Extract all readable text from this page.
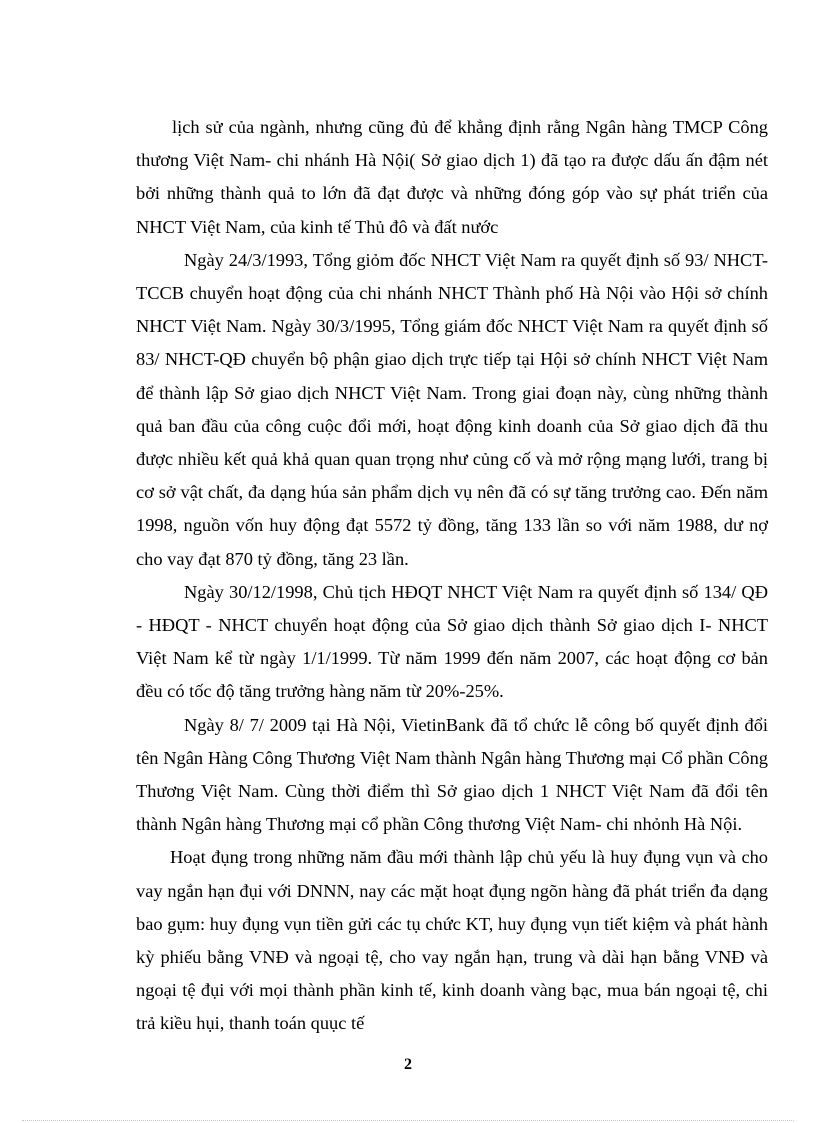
lịch sử của ngành, nhưng cũng đủ để khẳng định rằng Ngân hàng TMCP Công thương Việt Nam- chi nhánh Hà Nội( Sở giao dịch 1) đã tạo ra được dấu ấn đậm nét bởi những thành quả to lớn đã đạt được và những đóng góp vào sự phát triển của NHCT Việt Nam, của kinh tế Thủ đô và đất nước

Ngày 24/3/1993, Tổng giỏm đốc NHCT Việt Nam ra quyết định số 93/ NHCT-TCCB chuyển hoạt động của chi nhánh NHCT Thành phố Hà Nội vào Hội sở chính NHCT Việt Nam. Ngày 30/3/1995, Tổng giám đốc NHCT Việt Nam ra quyết định số 83/ NHCT-QĐ chuyển bộ phận giao dịch trực tiếp tại Hội sở chính NHCT Việt Nam để thành lập Sở giao dịch NHCT Việt Nam. Trong giai đoạn này, cùng những thành quả ban đầu của công cuộc đổi mới, hoạt động kinh doanh của Sở giao dịch đã thu được nhiều kết quả khả quan quan trọng như củng cố và mở rộng mạng lưới, trang bị cơ sở vật chất, đa dạng húa sản phẩm dịch vụ nên đã có sự tăng trưởng cao. Đến năm 1998, nguồn vốn huy động đạt 5572 tỷ đồng, tăng 133 lần so với năm 1988, dư nợ cho vay đạt 870 tỷ đồng, tăng 23 lần.

Ngày 30/12/1998, Chủ tịch HĐQT NHCT Việt Nam ra quyết định số 134/ QĐ - HĐQT - NHCT chuyển hoạt động của Sở giao dịch thành Sở giao dịch I- NHCT Việt Nam kể từ ngày 1/1/1999. Từ năm 1999 đến năm 2007, các hoạt động cơ bản đều có tốc độ tăng trưởng hàng năm từ 20%-25%.

Ngày 8/ 7/ 2009 tại Hà Nội, VietinBank đã tổ chức lễ công bố quyết định đổi tên Ngân Hàng Công Thương Việt Nam thành Ngân hàng Thương mại Cổ phần Công Thương Việt Nam. Cùng thời điểm thì Sở giao dịch 1 NHCT Việt Nam đã đổi tên thành Ngân hàng Thương mại cổ phần Công thương Việt Nam- chi nhỏnh Hà Nội.

Hoạt đụng trong những năm đầu mới thành lập chủ yếu là huy đụng vụn và cho vay ngắn hạn đụi với DNNN, nay các mặt hoạt đụng ngõn hàng đã phát triển đa dạng bao gụm: huy đụng vụn tiền gửi các tụ chức KT, huy đụng vụn tiết kiệm và phát hành kỳ phiếu bằng VNĐ và ngoại tệ, cho vay ngắn hạn, trung và dài hạn bằng VNĐ và ngoại tệ đụi với mọi thành phần kinh tế, kinh doanh vàng bạc, mua bán ngoại tệ, chi trả kiều hụi, thanh toán quục tế

2
